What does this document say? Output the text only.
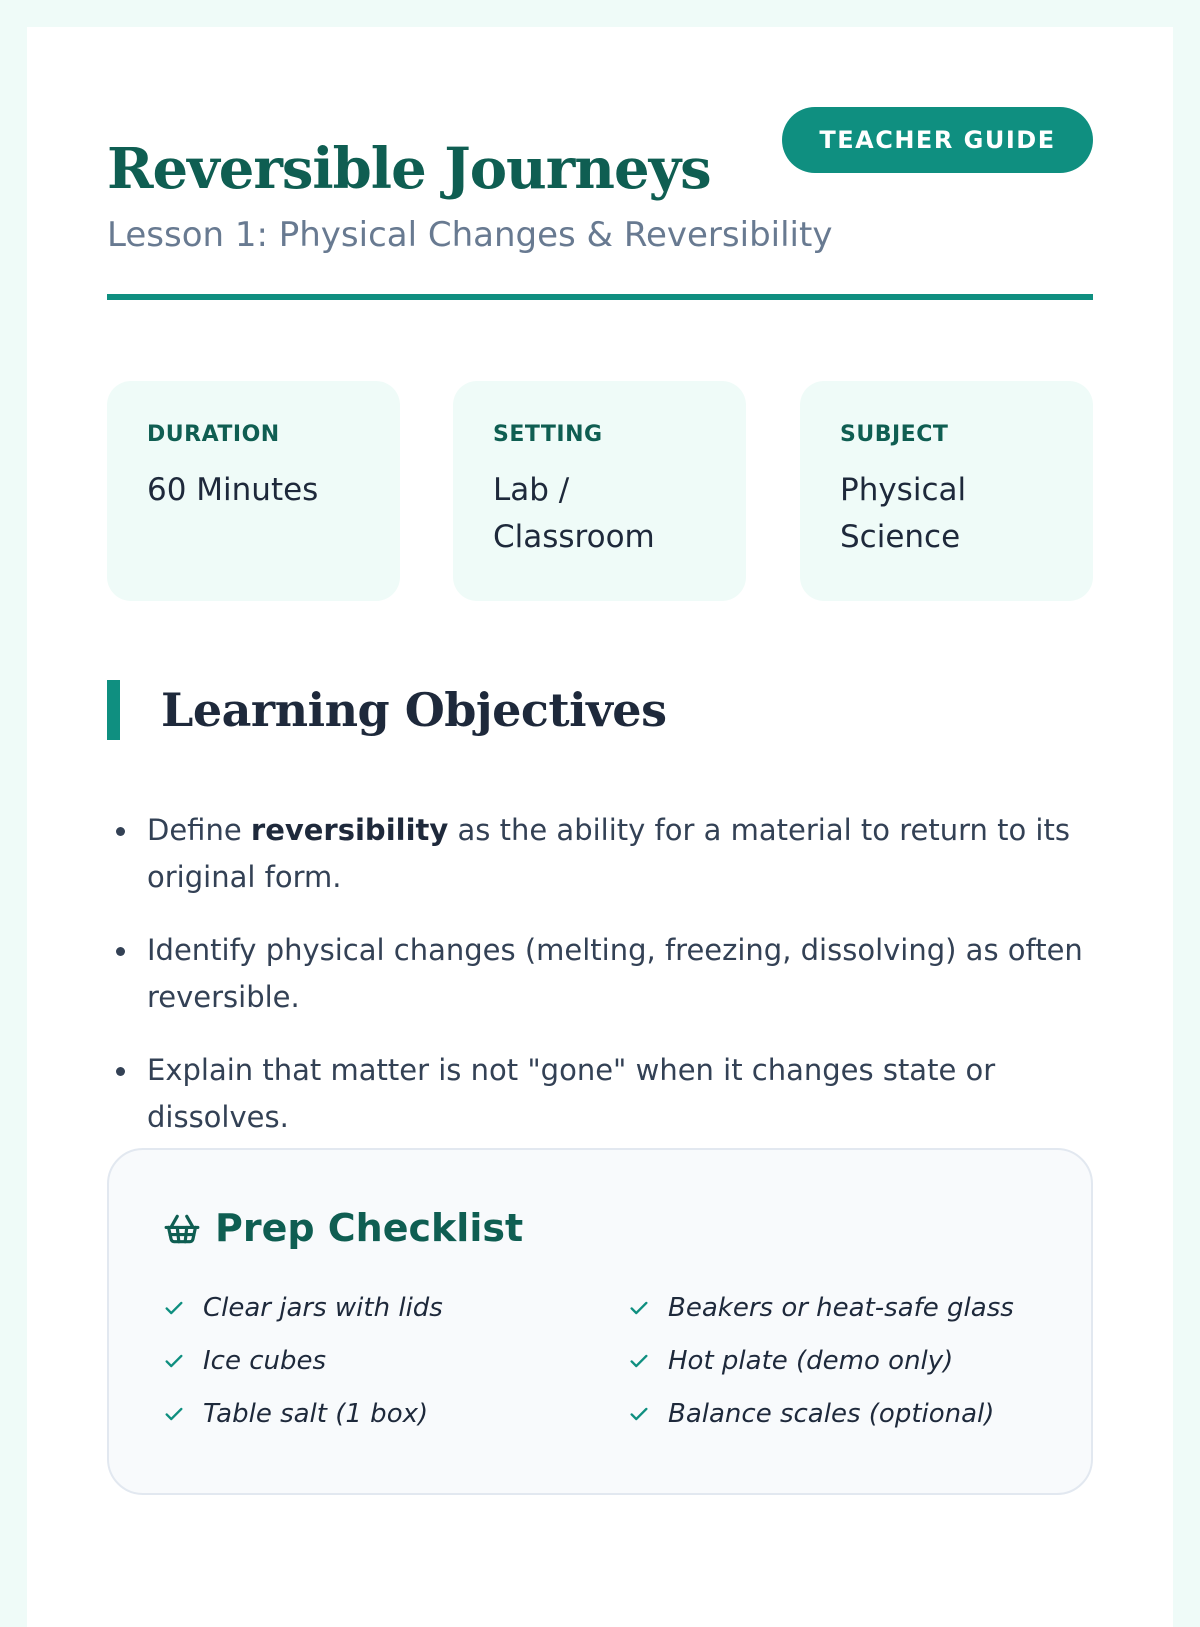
Reversible Journeys	TEACHER GUIDE
Lesson 1: Physical Changes & Reversibility
DURATION
60 Minutes
SETTING
Lab / Classroom
SUBJECT
Physical Science
Learning Objectives
Define reversibility as the ability for a material to return to its original form.
Identify physical changes (melting, freezing, dissolving) as often reversible.
Explain that matter is not "gone" when it changes state or dissolves.
Prep Checklist
Clear jars with lids	Beakers or heat-safe glass
Ice cubes	Hot plate (demo only)
Table salt (1 box)	Balance scales (optional)
